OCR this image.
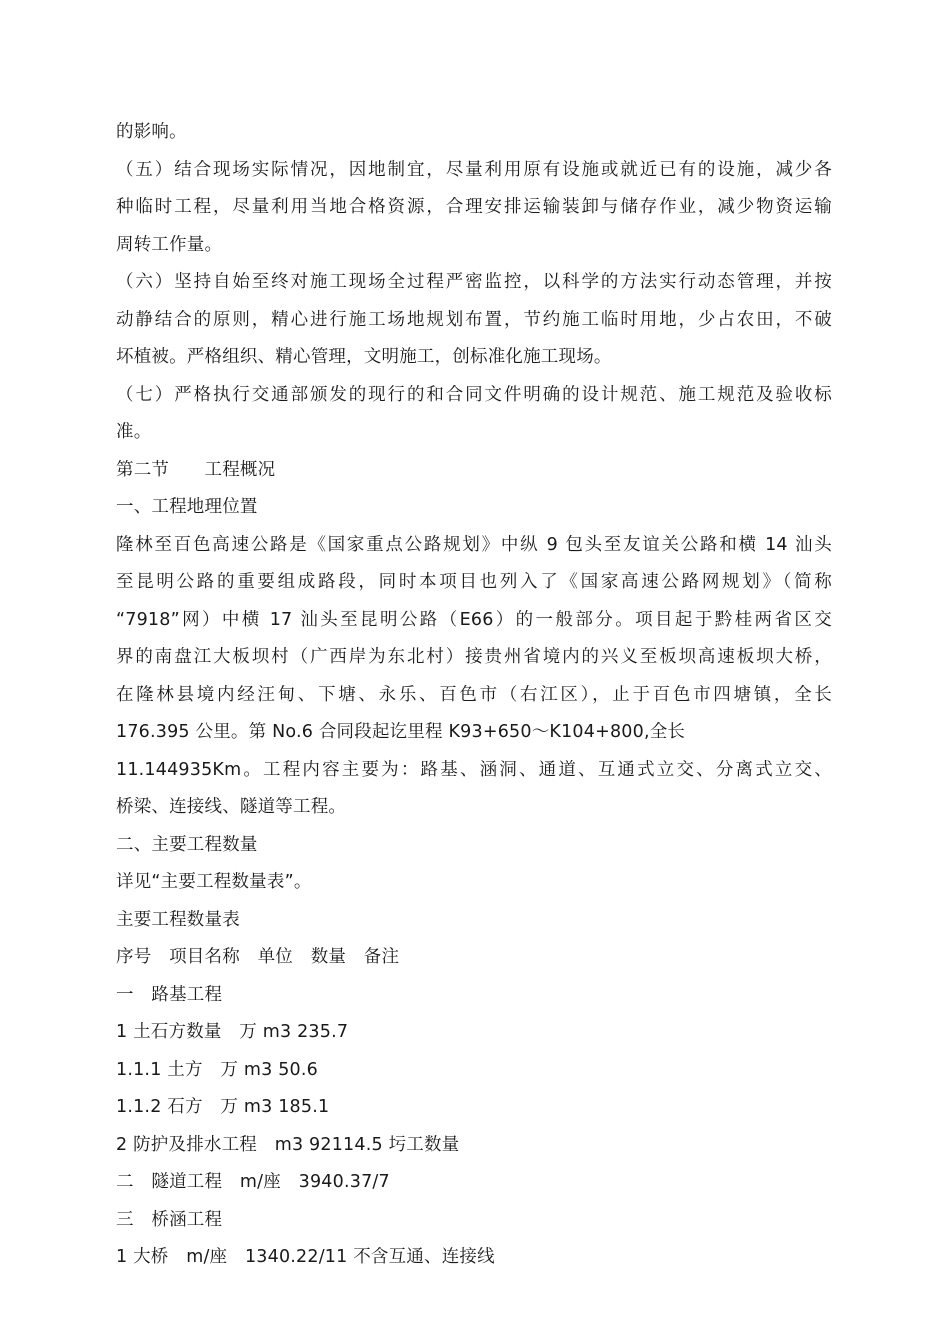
的影响。
（五）结合现场实际情况，因地制宜，尽量利用原有设施或就近已有的设施，减少各
种临时工程，尽量利用当地合格资源，合理安排运输装卸与储存作业，减少物资运输
周转工作量。
（六）坚持自始至终对施工现场全过程严密监控，以科学的方法实行动态管理，并按
动静结合的原则，精心进行施工场地规划布置，节约施工临时用地，少占农田，不破
坏植被。严格组织、精心管理，文明施工，创标准化施工现场。
（七）严格执行交通部颁发的现行的和合同文件明确的设计规范、施工规范及验收标
准。
第二节　　工程概况
一、工程地理位置
隆林至百色高速公路是《国家重点公路规划》中纵 9 包头至友谊关公路和横 14 汕头
至昆明公路的重要组成路段，同时本项目也列入了《国家高速公路网规划》（简称
“7918”网）中横 17 汕头至昆明公路（E66）的一般部分。项目起于黔桂两省区交
界的南盘江大板坝村（广西岸为东北村）接贵州省境内的兴义至板坝高速板坝大桥，
在隆林县境内经汪甸、下塘、永乐、百色市（右江区），止于百色市四塘镇，全长
176.395 公里。第 No.6 合同段起讫里程 K93+650～K104+800,全长
11.144935Km。工程内容主要为：路基、涵洞、通道、互通式立交、分离式立交、
桥梁、连接线、隧道等工程。
二、主要工程数量
详见“主要工程数量表”。
主要工程数量表
序号　项目名称　单位　数量　备注
一　路基工程
1 土石方数量　万 m3 235.7
1.1.1 土方　万 m3 50.6
1.1.2 石方　万 m3 185.1
2 防护及排水工程　m3 92114.5 圬工数量
二　隧道工程　m/座　3940.37/7
三　桥涵工程
1 大桥　m/座　1340.22/11 不含互通、连接线
